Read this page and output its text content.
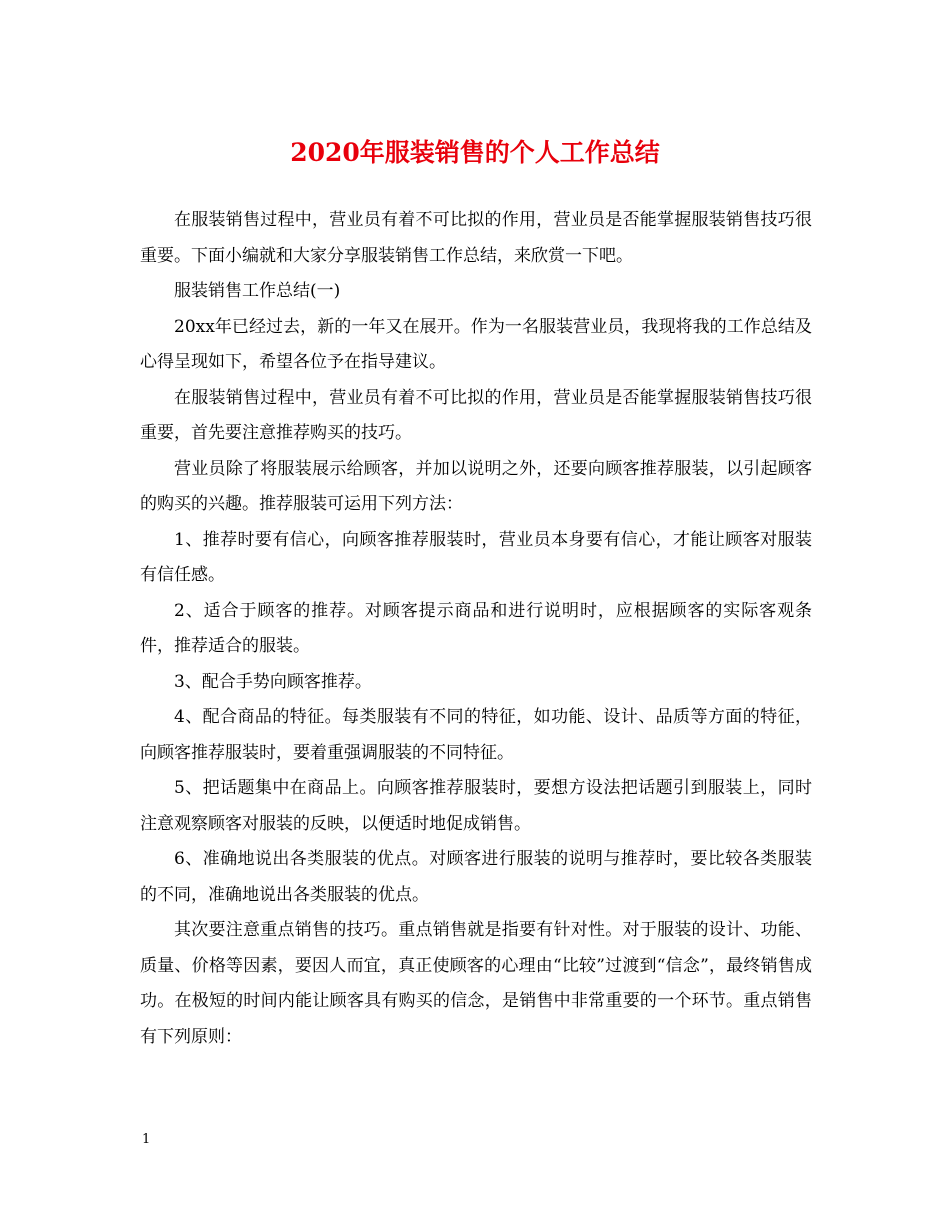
2020年服装销售的个人工作总结

在服装销售过程中，营业员有着不可比拟的作用，营业员是否能掌握服装销售技巧很重要。下面小编就和大家分享服装销售工作总结，来欣赏一下吧。

服装销售工作总结(一)

20xx年已经过去，新的一年又在展开。作为一名服装营业员，我现将我的工作总结及心得呈现如下，希望各位予在指导建议。

在服装销售过程中，营业员有着不可比拟的作用，营业员是否能掌握服装销售技巧很重要，首先要注意推荐购买的技巧。

营业员除了将服装展示给顾客，并加以说明之外，还要向顾客推荐服装，以引起顾客的购买的兴趣。推荐服装可运用下列方法：

1、推荐时要有信心，向顾客推荐服装时，营业员本身要有信心，才能让顾客对服装有信任感。

2、适合于顾客的推荐。对顾客提示商品和进行说明时，应根据顾客的实际客观条件，推荐适合的服装。

3、配合手势向顾客推荐。

4、配合商品的特征。每类服装有不同的特征，如功能、设计、品质等方面的特征，向顾客推荐服装时，要着重强调服装的不同特征。

5、把话题集中在商品上。向顾客推荐服装时，要想方设法把话题引到服装上，同时注意观察顾客对服装的反映，以便适时地促成销售。

6、准确地说出各类服装的优点。对顾客进行服装的说明与推荐时，要比较各类服装的不同，准确地说出各类服装的优点。

其次要注意重点销售的技巧。重点销售就是指要有针对性。对于服装的设计、功能、质量、价格等因素，要因人而宜，真正使顾客的心理由“比较”过渡到“信念”，最终销售成功。在极短的时间内能让顾客具有购买的信念，是销售中非常重要的一个环节。重点销售有下列原则：

1
